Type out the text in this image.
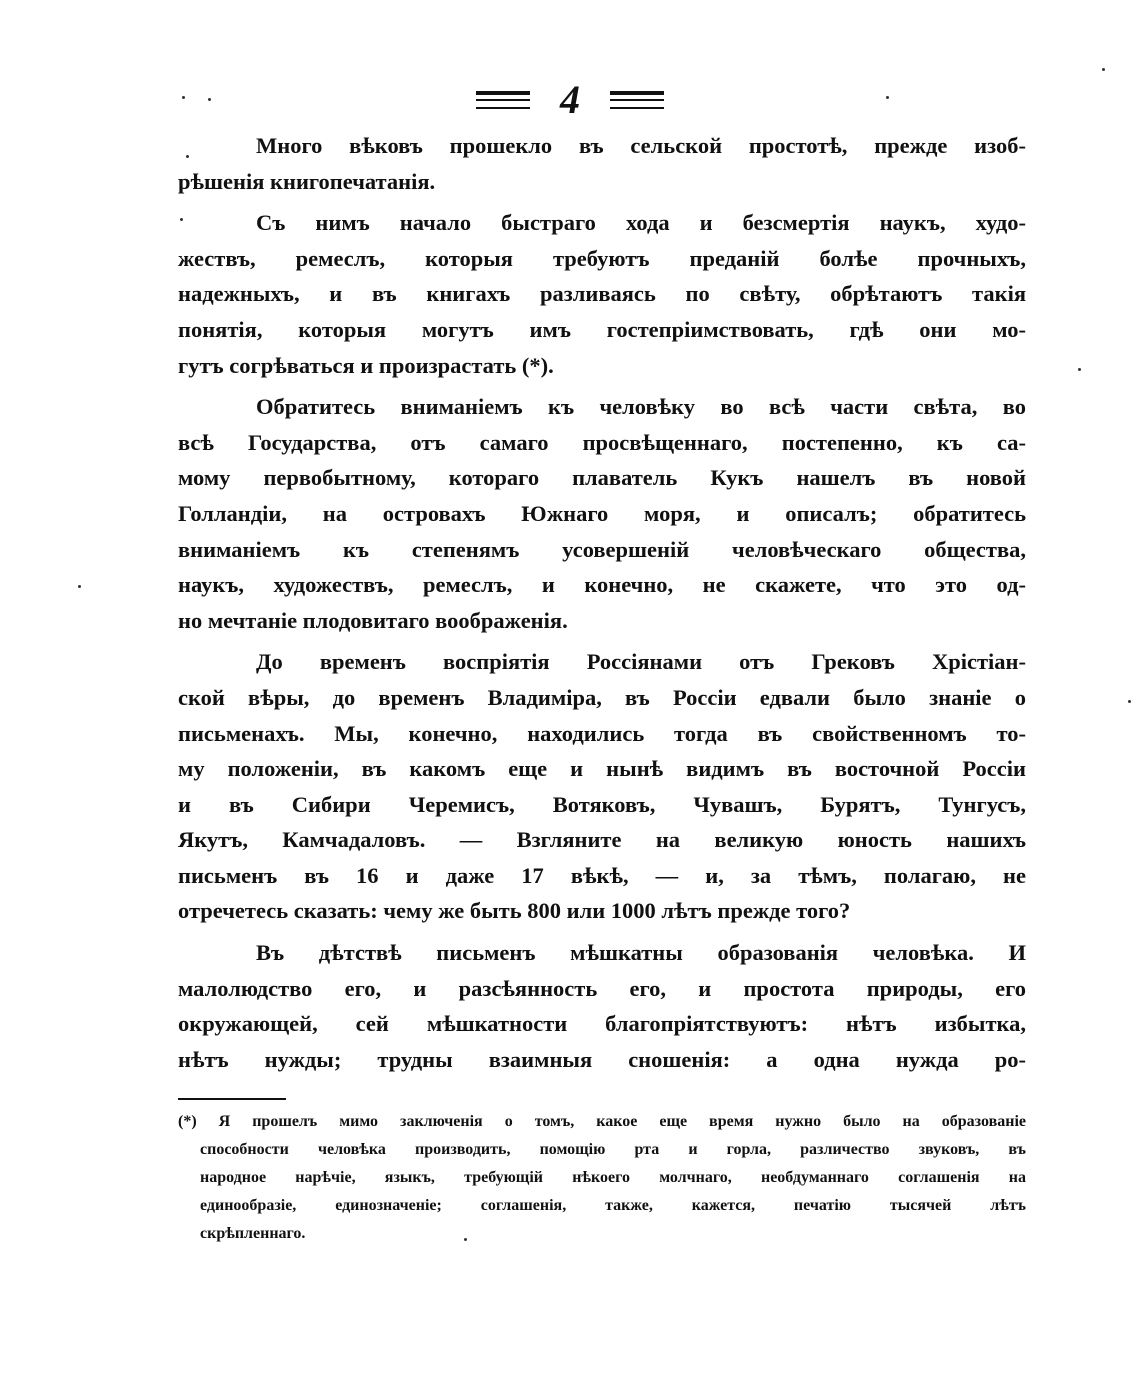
4

Много вѣковъ прошекло въ сельской простотѣ, прежде изоб-
рѣшенія книгопечатанія.

Съ нимъ начало быстраго хода и безсмертія наукъ, худо-
жествъ, ремеслъ, которыя требуютъ преданій болѣе прочныхъ,
надежныхъ, и въ книгахъ разливаясь по свѣту, обрѣтаютъ такія
понятія, которыя могутъ имъ гостепріимствовать, гдѣ они мо-
гутъ согрѣваться и произрастать (*).

Обратитесь вниманіемъ къ человѣку во всѣ части свѣта, во
всѣ Государства, отъ самаго просвѣщеннаго, постепенно, къ са-
мому первобытному, котораго плаватель Кукъ нашелъ въ новой
Голландіи, на островахъ Южнаго моря, и описалъ; обратитесь
вниманіемъ къ степенямъ усовершеній человѣческаго общества,
наукъ, художествъ, ремеслъ, и конечно, не скажете, что это од-
но мечтаніе плодовитаго воображенія.

До временъ воспріятія Россіянами отъ Грековъ Хрістіан-
ской вѣры, до временъ Владиміра, въ Россіи едвали было знаніе о
письменахъ. Мы, конечно, находились тогда въ свойственномъ то-
му положеніи, въ какомъ еще и нынѣ видимъ въ восточной Россіи
и въ Сибири Черемисъ, Вотяковъ, Чувашъ, Бурятъ, Тунгусъ,
Якутъ, Камчадаловъ. — Взгляните на великую юность нашихъ
письменъ въ 16 и даже 17 вѣкѣ, — и, за тѣмъ, полагаю, не
отречетесь сказать: чему же быть 800 или 1000 лѣтъ прежде того?

Въ дѣтствѣ письменъ мѣшкатны образованія человѣка. И
малолюдство его, и разсѣянность его, и простота природы, его
окружающей, сей мѣшкатности благопріятствуютъ: нѣтъ избытка,
нѣтъ нужды; трудны взаимныя сношенія: а одна нужда ро-

(*) Я прошелъ мимо заключенія о томъ, какое еще время нужно было на образованіе
способности человѣка производить, помощію рта и горла, различество звуковъ, въ
народное нарѣчіе, языкъ, требующій нѣкоего молчнаго, необдуманнаго соглашенія на
единообразіе, единозначеніе; соглашенія, также, кажется, печатію тысячей лѣтъ
скрѣпленнаго.
